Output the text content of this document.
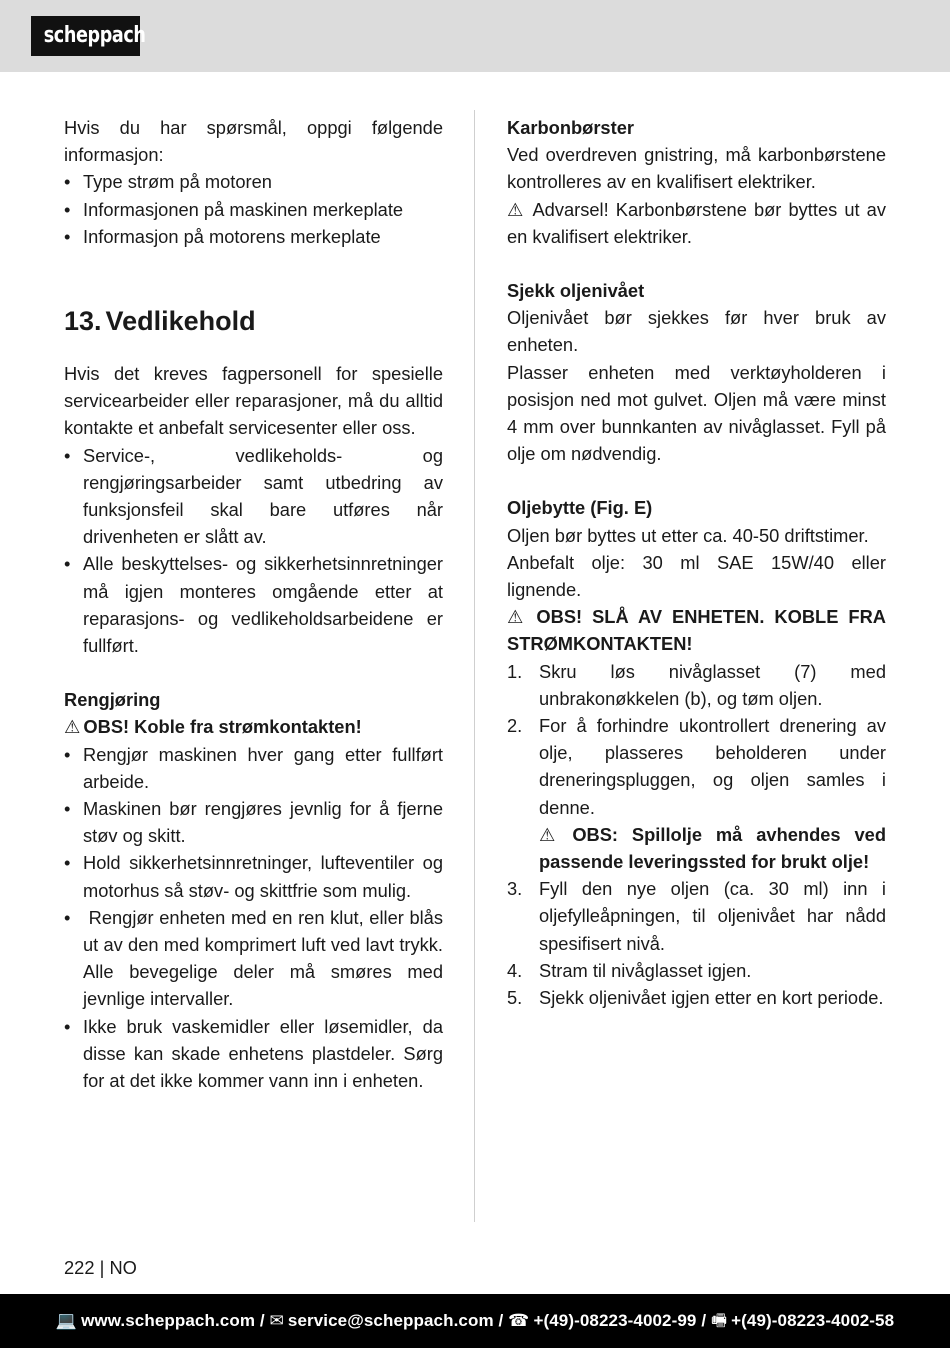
scheppach

Hvis du har spørsmål, oppgi følgende informasjon:

• Type strøm på motoren
• Informasjonen på maskinen merkeplate
• Informasjon på motorens merkeplate
13. Vedlikehold

Hvis det kreves fagpersonell for spesielle servicearbeider eller reparasjoner, må du alltid kontakte et anbefalt servicesenter eller oss.

• Service-, vedlikeholds- og rengjøringsarbeider samt utbedring av funksjonsfeil skal bare utføres når drivenheten er slått av.
• Alle beskyttelses- og sikkerhetsinnretninger må igjen monteres omgående etter at reparasjons- og vedlikeholdsarbeidene er fullført.

Rengjøring

⚠ OBS! Koble fra strømkontakten!

• Rengjør maskinen hver gang etter fullført arbeide.
• Maskinen bør rengjøres jevnlig for å fjerne støv og skitt.
• Hold sikkerhetsinnretninger, lufteventiler og motorhus så støv- og skittfrie som mulig.
•  Rengjør enheten med en ren klut, eller blås ut av den med komprimert luft ved lavt trykk. Alle bevegelige deler må smøres med jevnlige intervaller.
• Ikke bruk vaskemidler eller løsemidler, da disse kan skade enhetens plastdeler. Sørg for at det ikke kommer vann inn i enheten.

Karbonbørster

Ved overdreven gnistring, må karbonbørstene kontrolleres av en kvalifisert elektriker.

⚠ Advarsel! Karbonbørstene bør byttes ut av en kvalifisert elektriker.

Sjekk oljenivået

Oljenivået bør sjekkes før hver bruk av enheten.

Plasser enheten med verktøyholderen i posisjon ned mot gulvet. Oljen må være minst 4 mm over bunnkanten av nivåglasset. Fyll på olje om nødvendig.

Oljebytte (Fig. E)

Oljen bør byttes ut etter ca. 40-50 driftstimer.

Anbefalt olje: 30 ml SAE 15W/40 eller lignende.

⚠ OBS! SLÅ AV ENHETEN. KOBLE FRA STRØMKONTAKTEN!

1. Skru løs nivåglasset (7) med unbrakonøkkelen (b), og tøm oljen.
2. For å forhindre ukontrollert drenering av olje, plasseres beholderen under dreneringspluggen, og oljen samles i denne.

⚠ OBS: Spillolje må avhendes ved passende leveringssted for brukt olje!

3. Fyll den nye oljen (ca. 30 ml) inn i oljefylleåpningen, til oljenivået har nådd spesifisert nivå.
4. Stram til nivåglasset igjen.
5. Sjekk oljenivået igjen etter en kort periode.
222 | NO
💻 www.scheppach.com / ✉ service@scheppach.com / ☎ +(49)-08223-4002-99 / 🖷 +(49)-08223-4002-58
